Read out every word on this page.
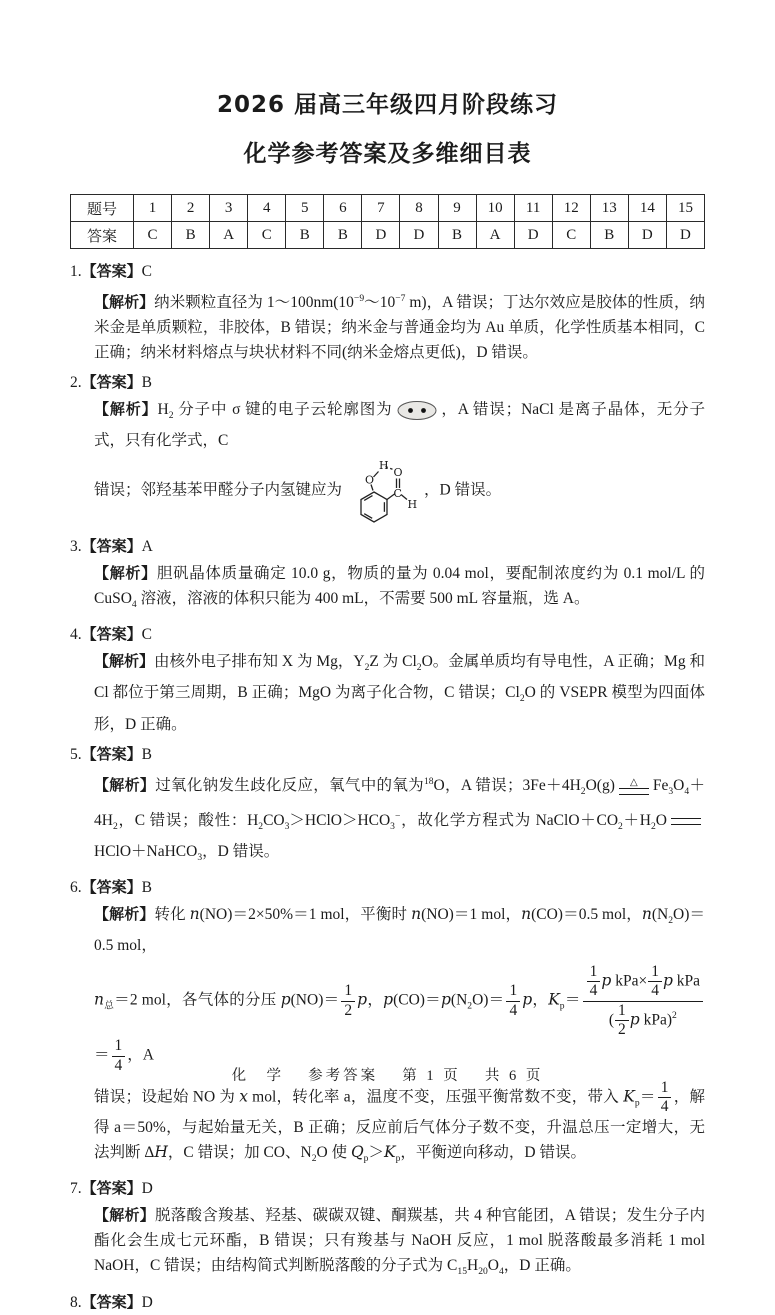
2026 届高三年级四月阶段练习
化学参考答案及多维细目表
题号	1	2	3	4	5	6	7	8	9	10	11	12	13	14	15
答案	C	B	A	C	B	B	D	D	B	A	D	C	B	D	D

1.【答案】C

【解析】纳米颗粒直径为 $1\sim 100nm(10^{-9}\sim 10^{-7}$ m)，A 错误；丁达尔效应是胶体的性质，纳米金是单质颗粒，非胶体，B 错误；纳米金与普通金均为 Au 单质，化学性质基本相同，C 正确；纳米材料熔点与块状材料不同(纳米金熔点更低)，D 错误。

2.【答案】B

【解析】$H_2$ 分子中 σ 键的电子云轮廓图为	，A 错误；NaCl 是离子晶体，无分子式，只有化学式，C

错误；邻羟基苯甲醛分子内氢键应为
O
H
C
O
H
，D 错误。

3.【答案】A

【解析】胆矾晶体质量确定 10.0 g，物质的量为 0.04 mol，要配制浓度约为 0.1 mol/L 的 CuSO$_4$ 溶液，溶液的体积只能为 400 mL，不需要 500 mL 容量瓶，选 A。

4.【答案】C

【解析】由核外电子排布知 X 为 Mg，$Y_2Z$ 为 $Cl_2O$。金属单质均有导电性，A 正确；Mg 和 Cl 都位于第三周期，B 正确；MgO 为离子化合物，C 错误；$Cl_2O$ 的 VSEPR 模型为四面体形，D 正确。

5.【答案】B

【解析】过氧化钠发生歧化反应，氧气中的氧为$^{18}$O，A 错误；$3Fe+4H_2O(g)$ △ $Fe_3O_4+4H_2$，C 错误；酸性：$H_2CO_3>HClO>HCO_3^-$，故化学方程式为 $NaClO+CO_2+H_2OHClO+NaHCO_3$，D 错误。

6.【答案】B

【解析】转化 n(NO)＝2×50%＝1 mol，平衡时 n(NO)＝1 mol，n(CO)＝0.5 mol，$n(N_2O)=0.5$ mol，

$n_总=2$ mol，各气体的分压 $p(NO)= \frac{1}{2}$ p，$p(CO)=p(N_2O)= \frac{1}{4}$ p，$K_p=$
$\frac{1}{4}$ p $kPa\times \frac{1}{4}$ p kPa
( $\frac{1}{2}$ p kPa)$^2$
＝ $\frac{1}{4}$ ，A

错误；设起始 NO 为 x mol，转化率 a，温度不变，压强平衡常数不变，带入 $K_p= \frac{1}{4}$ ，解得 a＝50%，与起始量无关，B 正确；反应前后气体分子数不变，升温总压一定增大，无法判断 ΔH，C 错误；加 CO、$N_2O$ 使 $Q_p>K_p$，平衡逆向移动，D 错误。

7.【答案】D

【解析】脱落酸含羧基、羟基、碳碳双键、酮羰基，共 4 种官能团，A 错误；发生分子内酯化会生成七元环酯，B 错误；只有羧基与 NaOH 反应，1 mol 脱落酸最多消耗 1 mol NaOH，C 错误；由结构简式判断脱落酸的分子式为 $C_{15}H_{20}O_4$，D 正确。

8.【答案】D

化　学　 参考答案 　第 1 页　 共 6 页
